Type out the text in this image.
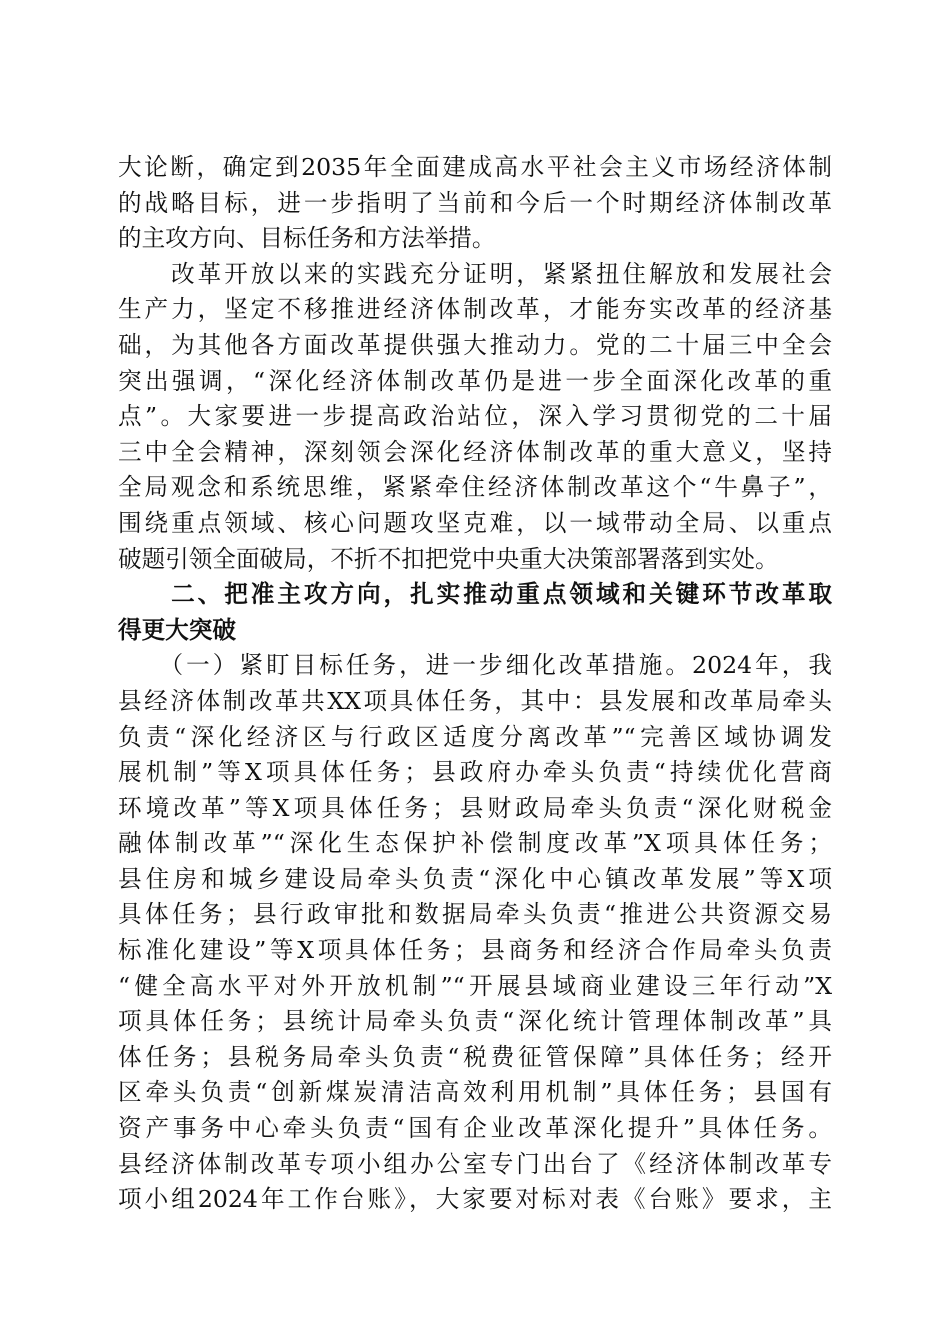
大论断，确定到2035年全面建成高水平社会主义市场经济体制
的战略目标，进一步指明了当前和今后一个时期经济体制改革
的主攻方向、目标任务和方法举措。
　　改革开放以来的实践充分证明，紧紧扭住解放和发展社会
生产力，坚定不移推进经济体制改革，才能夯实改革的经济基
础，为其他各方面改革提供强大推动力。党的二十届三中全会
突出强调，“深化经济体制改革仍是进一步全面深化改革的重
点”。大家要进一步提高政治站位，深入学习贯彻党的二十届
三中全会精神，深刻领会深化经济体制改革的重大意义，坚持
全局观念和系统思维，紧紧牵住经济体制改革这个“牛鼻子”，
围绕重点领域、核心问题攻坚克难，以一域带动全局、以重点
破题引领全面破局，不折不扣把党中央重大决策部署落到实处。
　　二、把准主攻方向，扎实推动重点领域和关键环节改革取
得更大突破
　　（一）紧盯目标任务，进一步细化改革措施。2024年，我
县经济体制改革共XX项具体任务，其中：县发展和改革局牵头
负责“深化经济区与行政区适度分离改革”“完善区域协调发
展机制”等X项具体任务；县政府办牵头负责“持续优化营商
环境改革”等X项具体任务；县财政局牵头负责“深化财税金
融体制改革”“深化生态保护补偿制度改革”X项具体任务；
县住房和城乡建设局牵头负责“深化中心镇改革发展”等X项
具体任务；县行政审批和数据局牵头负责“推进公共资源交易
标准化建设”等X项具体任务；县商务和经济合作局牵头负责
“健全高水平对外开放机制”“开展县域商业建设三年行动”X
项具体任务；县统计局牵头负责“深化统计管理体制改革”具
体任务；县税务局牵头负责“税费征管保障”具体任务；经开
区牵头负责“创新煤炭清洁高效利用机制”具体任务；县国有
资产事务中心牵头负责“国有企业改革深化提升”具体任务。
县经济体制改革专项小组办公室专门出台了《经济体制改革专
项小组2024年工作台账》，大家要对标对表《台账》要求，主
